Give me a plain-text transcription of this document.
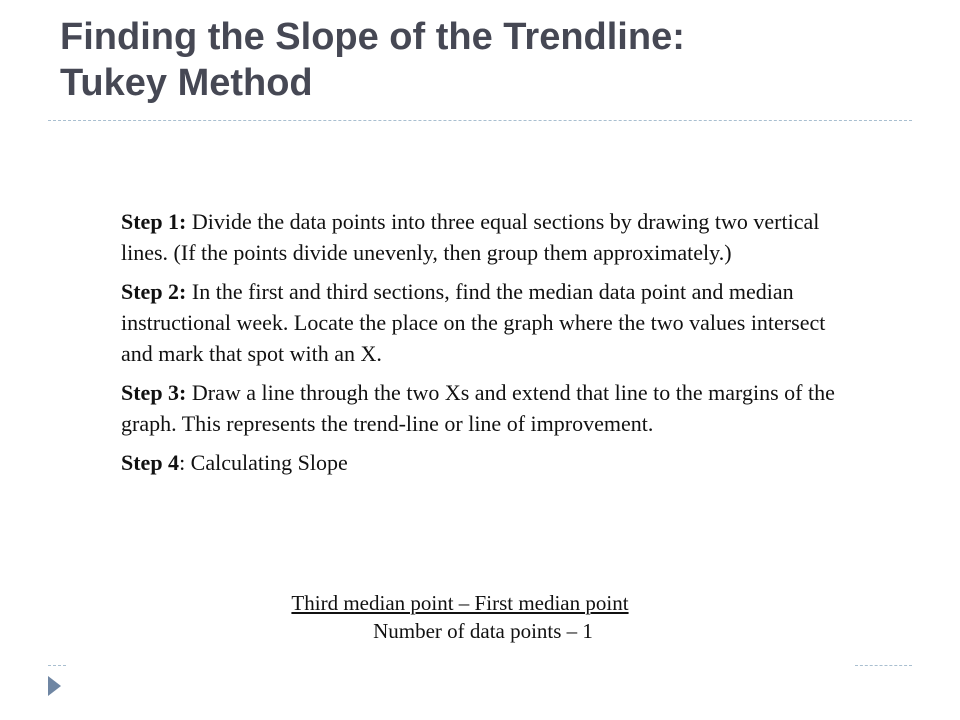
Finding the Slope of the Trendline:
Tukey Method

Step 1: Divide the data points into three equal sections by drawing two vertical lines. (If the points divide unevenly, then group them approximately.)

Step 2: In the first and third sections, find the median data point and median instructional week. Locate the place on the graph where the two values intersect and mark that spot with an X.

Step 3: Draw a line through the two Xs and extend that line to the margins of the graph. This represents the trend-line or line of improvement.

Step 4: Calculating Slope

Third median point – First median point
Number of data points – 1
